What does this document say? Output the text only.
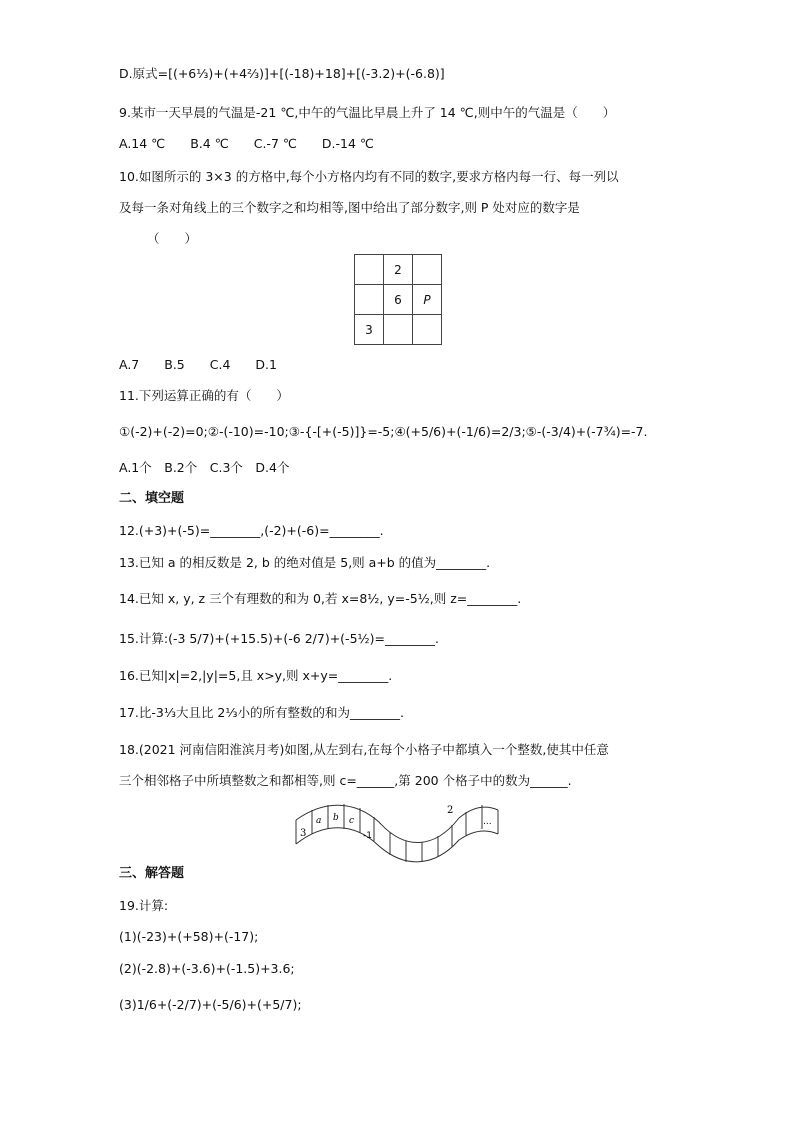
D.原式=[(+6⅓)+(+4⅔)]+[(-18)+18]+[(-3.2)+(-6.8)]
9.某市一天早晨的气温是-21 ℃,中午的气温比早晨上升了 14 ℃,则中午的气温是（　　）
A.14 ℃　　B.4 ℃　　C.-7 ℃　　D.-14 ℃
10.如图所示的 3×3 的方格中,每个小方格内均有不同的数字,要求方格内每一行、每一列以
及每一条对角线上的三个数字之和均相等,图中给出了部分数字,则 P 处对应的数字是
（　　）
	2	
	6	P
3		
A.7　　B.5　　C.4　　D.1
11.下列运算正确的有（　　）
①(-2)+(-2)=0;②-(-10)=-10;③-{-[+(-5)]}=-5;④(+5/6)+(-1/6)=2/3;⑤-(-3/4)+(-7¾)=-7.
A.1个　B.2个　C.3个　D.4个
二、填空题
12.(+3)+(-5)=________,(-2)+(-6)=________.
13.已知 a 的相反数是 2, b 的绝对值是 5,则 a+b 的值为________.
14.已知 x, y, z 三个有理数的和为 0,若 x=8½, y=-5½,则 z=________.
15.计算:(-3 5/7)+(+15.5)+(-6 2/7)+(-5½)=________.
16.已知|x|=2,|y|=5,且 x>y,则 x+y=________.
17.比-3⅓大且比 2⅓小的所有整数的和为________.
18.(2021 河南信阳淮滨月考)如图,从左到右,在每个小格子中都填入一个整数,使其中任意
三个相邻格子中所填整数之和都相等,则 c=______,第 200 个格子中的数为______.
3
a b c
-1
2
...
三、解答题
19.计算:
(1)(-23)+(+58)+(-17);
(2)(-2.8)+(-3.6)+(-1.5)+3.6;
(3)1/6+(-2/7)+(-5/6)+(+5/7);
